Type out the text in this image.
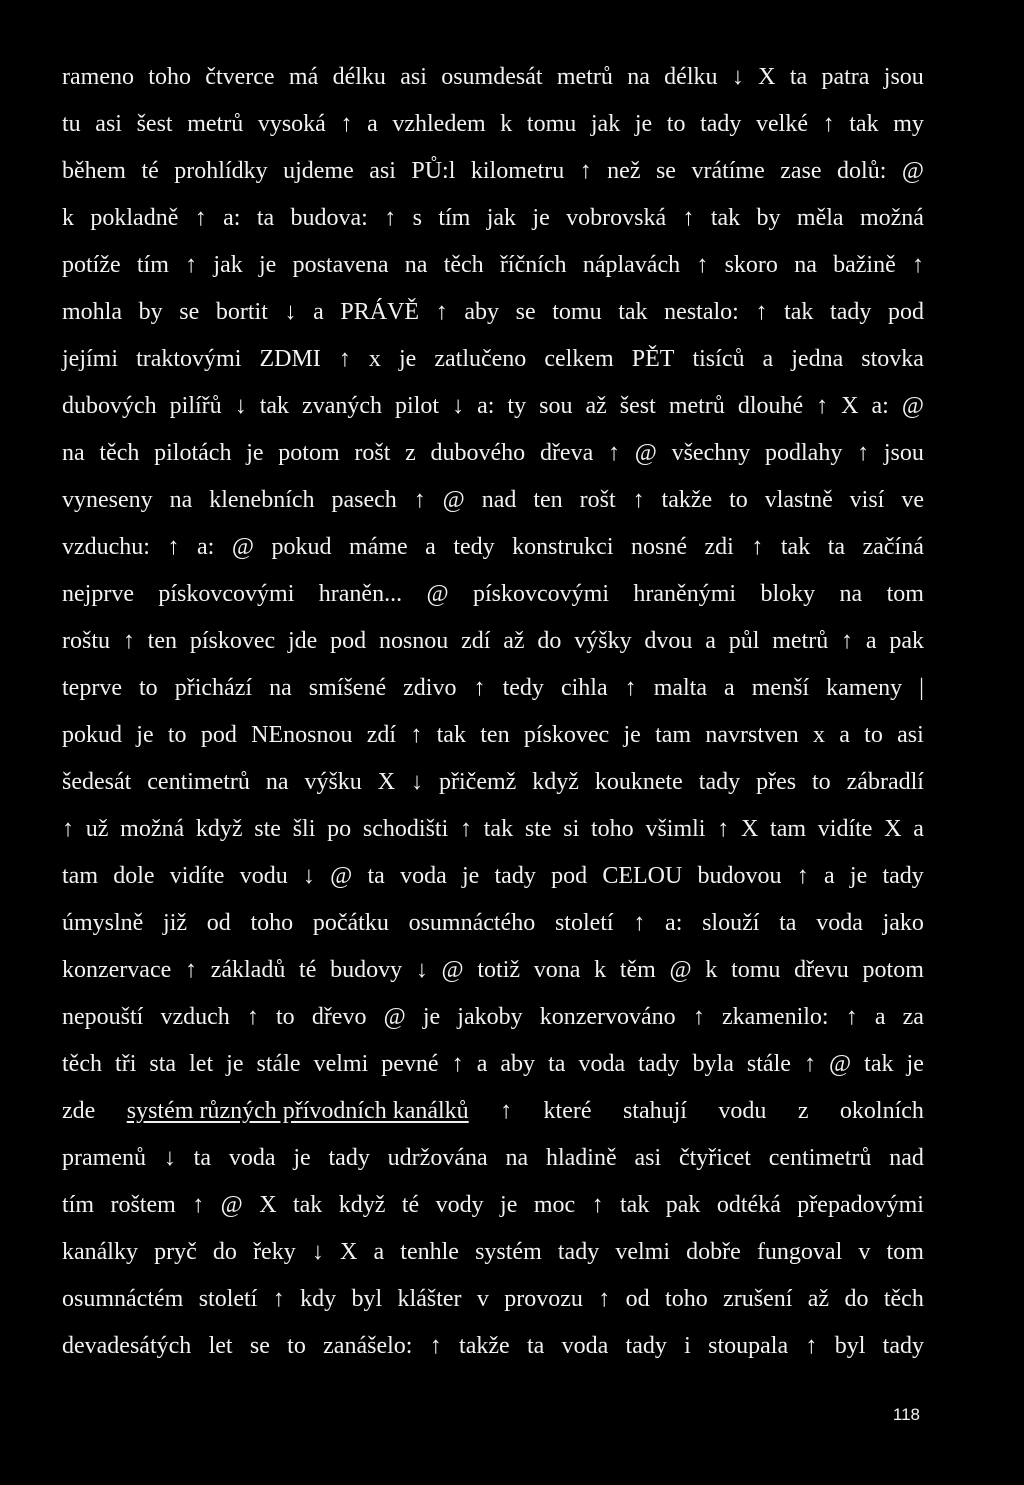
rameno toho čtverce má délku asi osumdesát metrů na délku ↓ X ta patra jsou
tu asi šest metrů vysoká ↑ a vzhledem k tomu jak je to tady velké ↑ tak my
během té prohlídky ujdeme asi PŮ:l kilometru ↑ než se vrátíme zase dolů: @
k pokladně ↑ a: ta budova: ↑ s tím jak je vobrovská ↑ tak by měla možná
potíže tím ↑ jak je postavena na těch říčních náplavách ↑ skoro na bažině ↑
mohla by se bortit ↓ a PRÁVĚ ↑ aby se tomu tak nestalo: ↑ tak tady pod
jejími traktovými ZDMI ↑ x je zatlučeno celkem PĚT tisíců a jedna stovka
dubových pilířů ↓ tak zvaných pilot ↓ a: ty sou až šest metrů dlouhé ↑ X a: @
na těch pilotách je potom rošt z dubového dřeva ↑ @ všechny podlahy ↑ jsou
vyneseny na klenebních pasech ↑ @ nad ten rošt ↑ takže to vlastně visí ve
vzduchu: ↑ a: @ pokud máme a tedy konstrukci nosné zdi ↑ tak ta začíná
nejprve pískovcovými hraněn... @ pískovcovými hraněnými bloky na tom
roštu ↑ ten pískovec jde pod nosnou zdí až do výšky dvou a půl metrů ↑ a pak
teprve to přichází na smíšené zdivo ↑ tedy cihla ↑ malta a menší kameny |
pokud je to pod NEnosnou zdí ↑ tak ten pískovec je tam navrstven x a to asi
šedesát centimetrů na výšku X ↓ přičemž když kouknete tady přes to zábradlí
↑ už možná když ste šli po schodišti ↑ tak ste si toho všimli ↑ X tam vidíte X a
tam dole vidíte vodu ↓ @ ta voda je tady pod CELOU budovou ↑ a je tady
úmyslně již od toho počátku osumnáctého století ↑ a: slouží ta voda jako
konzervace ↑ základů té budovy ↓ @ totiž vona k těm @ k tomu dřevu potom
nepouští vzduch ↑ to dřevo @ je jakoby konzervováno ↑ zkamenilo: ↑ a za
těch tři sta let je stále velmi pevné ↑ a aby ta voda tady byla stále ↑ @ tak je
zde systém různých přívodních kanálků ↑ které stahují vodu z okolních
pramenů ↓ ta voda je tady udržována na hladině asi čtyřicet centimetrů nad
tím roštem ↑ @ X tak když té vody je moc ↑ tak pak odtéká přepadovými
kanálky pryč do řeky ↓ X a tenhle systém tady velmi dobře fungoval v tom
osumnáctém století ↑ kdy byl klášter v provozu ↑ od toho zrušení až do těch
devadesátých let se to zanášelo: ↑ takže ta voda tady i stoupala ↑ byl tady
118
